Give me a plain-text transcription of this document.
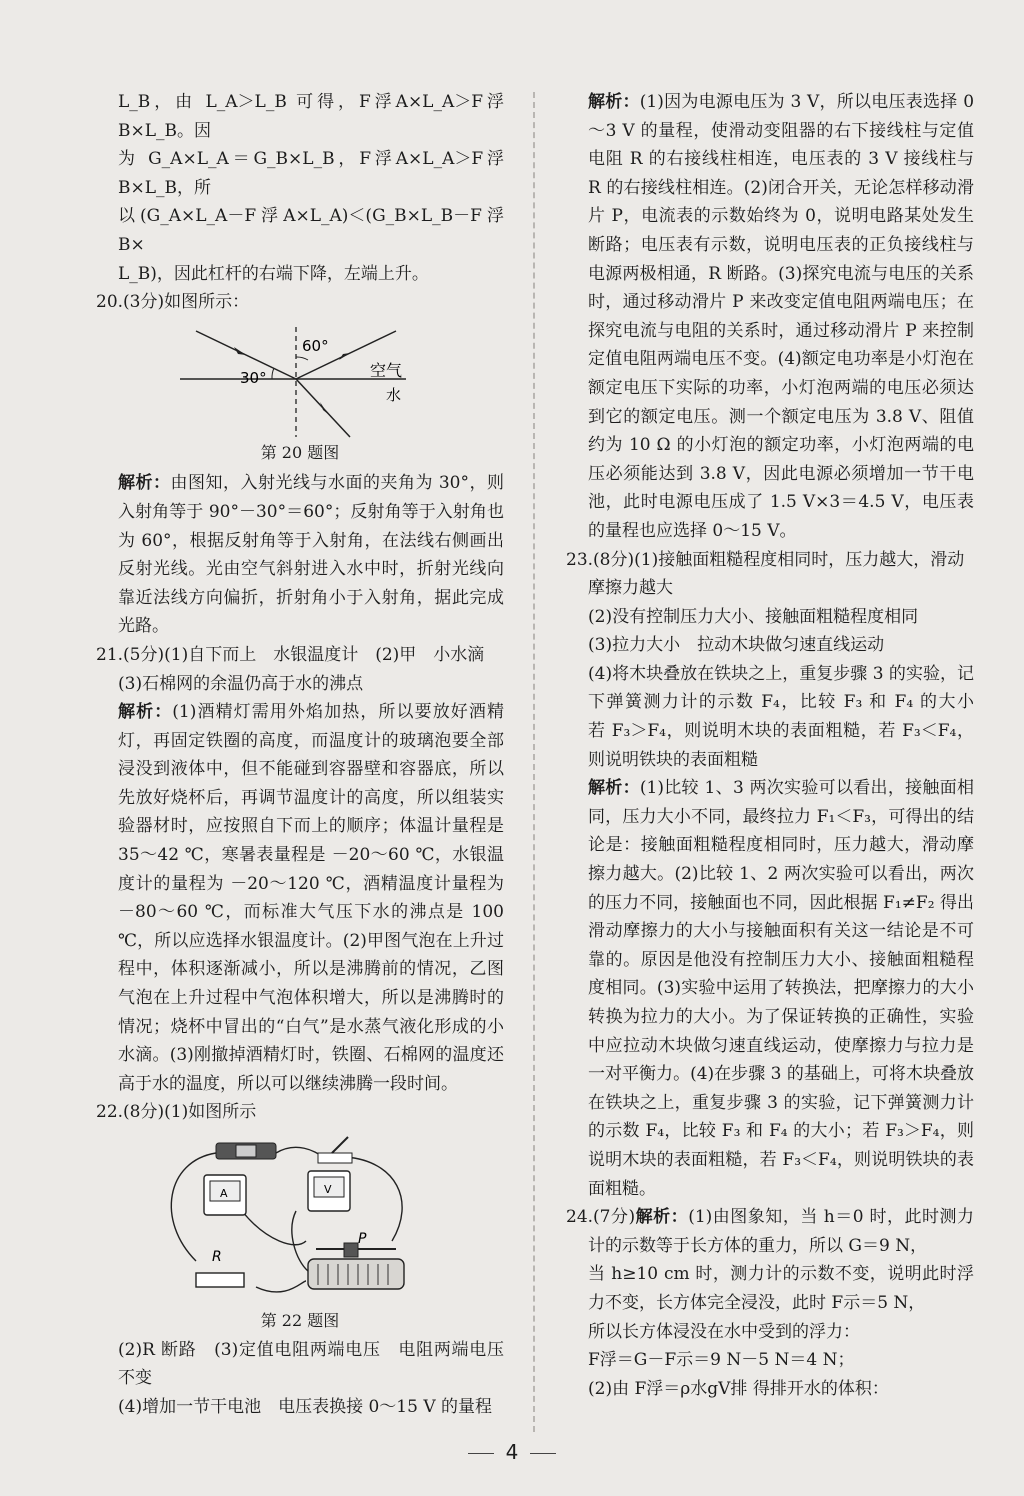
L_B，由 L_A＞L_B 可得，F浮A×L_A＞F浮B×L_B。因

为 G_A×L_A＝G_B×L_B，F浮A×L_A＞F浮B×L_B，所

以(G_A×L_A－F浮A×L_A)＜(G_B×L_B－F浮B×

L_B)，因此杠杆的右端下降，左端上升。

20.(3分)如图所示：

30°
60°
空气
水

第 20 题图

解析：由图知，入射光线与水面的夹角为 30°，则入射角等于 90°－30°＝60°；反射角等于入射角也为 60°，根据反射角等于入射角，在法线右侧画出反射光线。光由空气斜射进入水中时，折射光线向靠近法线方向偏折，折射角小于入射角，据此完成光路。

21.(5分)(1)自下而上　水银温度计　(2)甲　小水滴　(3)石棉网的余温仍高于水的沸点

解析：(1)酒精灯需用外焰加热，所以要放好酒精灯，再固定铁圈的高度，而温度计的玻璃泡要全部浸没到液体中，但不能碰到容器壁和容器底，所以先放好烧杯后，再调节温度计的高度，所以组装实验器材时，应按照自下而上的顺序；体温计量程是 35～42 ℃，寒暑表量程是 －20～60 ℃，水银温度计的量程为 －20～120 ℃，酒精温度计量程为 －80～60 ℃，而标准大气压下水的沸点是 100 ℃，所以应选择水银温度计。(2)甲图气泡在上升过程中，体积逐渐减小，所以是沸腾前的情况，乙图气泡在上升过程中气泡体积增大，所以是沸腾时的情况；烧杯中冒出的“白气”是水蒸气液化形成的小水滴。(3)刚撤掉酒精灯时，铁圈、石棉网的温度还高于水的温度，所以可以继续沸腾一段时间。

22.(8分)(1)如图所示

A	V
R
P

第 22 题图

(2)R 断路　(3)定值电阻两端电压　电阻两端电压不变

(4)增加一节干电池　电压表换接 0～15 V 的量程

解析：(1)因为电源电压为 3 V，所以电压表选择 0～3 V 的量程，使滑动变阻器的右下接线柱与定值电阻 R 的右接线柱相连，电压表的 3 V 接线柱与 R 的右接线柱相连。(2)闭合开关，无论怎样移动滑片 P，电流表的示数始终为 0，说明电路某处发生断路；电压表有示数，说明电压表的正负接线柱与电源两极相通，R 断路。(3)探究电流与电压的关系时，通过移动滑片 P 来改变定值电阻两端电压；在探究电流与电阻的关系时，通过移动滑片 P 来控制定值电阻两端电压不变。(4)额定电功率是小灯泡在额定电压下实际的功率，小灯泡两端的电压必须达到它的额定电压。测一个额定电压为 3.8 V、阻值约为 10 Ω 的小灯泡的额定功率，小灯泡两端的电压必须能达到 3.8 V，因此电源必须增加一节干电池，此时电源电压成了 1.5 V×3＝4.5 V，电压表的量程也应选择 0～15 V。

23.(8分)(1)接触面粗糙程度相同时，压力越大，滑动摩擦力越大

(2)没有控制压力大小、接触面粗糙程度相同

(3)拉力大小　拉动木块做匀速直线运动

(4)将木块叠放在铁块之上，重复步骤 3 的实验，记下弹簧测力计的示数 F₄，比较 F₃ 和 F₄ 的大小　若 F₃＞F₄，则说明木块的表面粗糙，若 F₃＜F₄，则说明铁块的表面粗糙

解析：(1)比较 1、3 两次实验可以看出，接触面相同，压力大小不同，最终拉力 F₁＜F₃，可得出的结论是：接触面粗糙程度相同时，压力越大，滑动摩擦力越大。(2)比较 1、2 两次实验可以看出，两次的压力不同，接触面也不同，因此根据 F₁≠F₂ 得出滑动摩擦力的大小与接触面积有关这一结论是不可靠的。原因是他没有控制压力大小、接触面粗糙程度相同。(3)实验中运用了转换法，把摩擦力的大小转换为拉力的大小。为了保证转换的正确性，实验中应拉动木块做匀速直线运动，使摩擦力与拉力是一对平衡力。(4)在步骤 3 的基础上，可将木块叠放在铁块之上，重复步骤 3 的实验，记下弹簧测力计的示数 F₄，比较 F₃ 和 F₄ 的大小；若 F₃＞F₄，则说明木块的表面粗糙，若 F₃＜F₄，则说明铁块的表面粗糙。

24.(7分)解析：(1)由图象知，当 h＝0 时，此时测力计的示数等于长方体的重力，所以 G＝9 N，

当 h≥10 cm 时，测力计的示数不变，说明此时浮力不变，长方体完全浸没，此时 F示＝5 N，

所以长方体浸没在水中受到的浮力：

F浮＝G－F示＝9 N－5 N＝4 N；

(2)由 F浮＝ρ水gV排 得排开水的体积：

4
